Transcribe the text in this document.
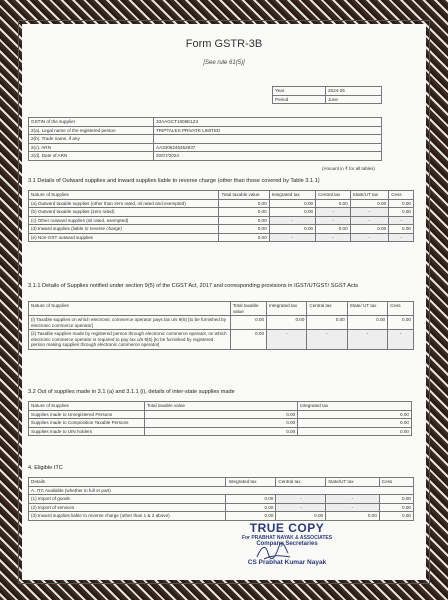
Form GSTR-3B
[See rule 61(5)]
Year	2024-25
Period	June
GSTIN of the supplier	33AAGCT1606E1Z4
2(a). Legal name of the registered person	TRIPTALES PRIVATE LIMITED
2(b). Trade name, if any	
2(c). ARN	AA3306246352937
2(d). Date of ARN	20/07/2024
(Amount in ₹ for all tables)
3.1 Details of Outward supplies and inward supplies liable to reverse charge (other than those covered by Table 3.1.1)
Nature of Supplies	Total taxable value	Integrated tax	Central tax	State/UT tax	Cess
(a) Outward taxable supplies (other than zero rated, nil rated and exempted)	0.00	0.00	0.00	0.00	0.00
(b) Outward taxable supplies (zero rated)	0.00	0.00	-	-	0.00
(c) Other outward supplies (nil rated, exempted)	0.00	-	-	-	-
(d) Inward supplies (liable to reverse charge)	0.00	0.00	0.00	0.00	0.00
(e) Non-GST outward supplies	0.00	-	-	-	-
3.1.1 Details of Supplies notified under section 9(5) of the CGST Act, 2017 and corresponding provisions in IGST/UTGST/ SGST Acts
Nature of Supplies	Total taxable value	Integrated tax	Central tax	State/ UT tax	Cess
(i) Taxable supplies on which electronic commerce operator pays tax u/s 9(5) [to be furnished by electronic commerce operator]	0.00	0.00	0.00	0.00	0.00
(ii) Taxable supplies made by registered person through electronic commerce operator, on which electronic commerce operator is required to pay tax u/s 9(5) [to be furnished by registered person making supplies through electronic commerce operator]	0.00	-	-	-	-
3.2 Out of supplies made in 3.1 (a) and 3.1.1 (i), details of inter-state supplies made
Nature of Supplies	Total taxable value	Integrated tax
Supplies made to Unregistered Persons	0.00	0.00
Supplies made to Composition Taxable Persons	0.00	0.00
Supplies made to UIN holders	0.00	0.00
4. Eligible ITC
Details	Integrated tax	Central tax	State/UT tax	Cess
A. ITC Available (whether in full or part)				
(1) Import of goods	0.00	-	-	0.00
(2) Import of services	0.00	-	-	0.00
(3) Inward supplies liable to reverse charge (other than 1 & 2 above)	0.00	0.00	0.00	0.00
TRUE COPY
For PRABHAT NAYAK & ASSOCIATES
Company Secretaries
CS Prabhat Kumar Nayak
